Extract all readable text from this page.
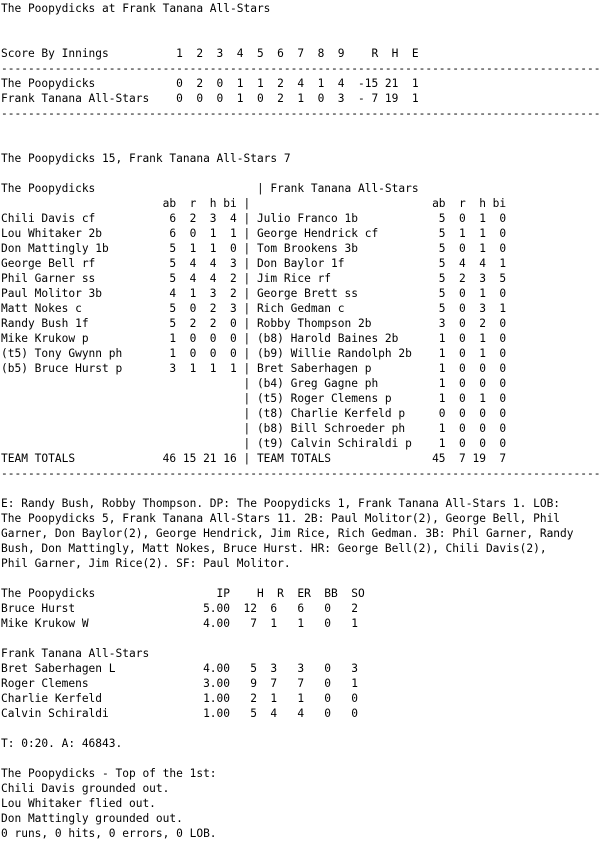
The Poopydicks at Frank Tanana All-Stars
Score By Innings          1  2  3  4  5  6  7  8  9    R  H  E
-----------------------------------------------------------------------------------------
The Poopydicks            0  2  0  1  1  2  4  1  4  -15 21  1
Frank Tanana All-Stars    0  0  0  1  0  2  1  0  3  - 7 19  1
-----------------------------------------------------------------------------------------
The Poopydicks 15, Frank Tanana All-Stars 7
The Poopydicks                        | Frank Tanana All-Stars
ab  r  h bi |                           ab  r  h bi
Chili Davis cf           6  2  3  4 | Julio Franco 1b            5  0  1  0
Lou Whitaker 2b          6  0  1  1 | George Hendrick cf         5  1  1  0
Don Mattingly 1b         5  1  1  0 | Tom Brookens 3b            5  0  1  0
George Bell rf           5  4  4  3 | Don Baylor 1f              5  4  4  1
Phil Garner ss           5  4  4  2 | Jim Rice rf                5  2  3  5
Paul Molitor 3b          4  1  3  2 | George Brett ss            5  0  1  0
Matt Nokes c             5  0  2  3 | Rich Gedman c              5  0  3  1
Randy Bush 1f            5  2  2  0 | Robby Thompson 2b          3  0  2  0
Mike Krukow p            1  0  0  0 | (b8) Harold Baines 2b      1  0  1  0
(t5) Tony Gwynn ph       1  0  0  0 | (b9) Willie Randolph 2b    1  0  1  0
(b5) Bruce Hurst p       3  1  1  1 | Bret Saberhagen p          1  0  0  0
| (b4) Greg Gagne ph         1  0  0  0
| (t5) Roger Clemens p       1  0  1  0
| (t8) Charlie Kerfeld p     0  0  0  0
| (b8) Bill Schroeder ph     1  0  0  0
| (t9) Calvin Schiraldi p    1  0  0  0
TEAM TOTALS             46 15 21 16 | TEAM TOTALS               45  7 19  7
-----------------------------------------------------------------------------------------
E: Randy Bush, Robby Thompson. DP: The Poopydicks 1, Frank Tanana All-Stars 1. LOB:
The Poopydicks 5, Frank Tanana All-Stars 11. 2B: Paul Molitor(2), George Bell, Phil
Garner, Don Baylor(2), George Hendrick, Jim Rice, Rich Gedman. 3B: Phil Garner, Randy
Bush, Don Mattingly, Matt Nokes, Bruce Hurst. HR: George Bell(2), Chili Davis(2),
Phil Garner, Jim Rice(2). SF: Paul Molitor.
The Poopydicks                  IP    H  R  ER  BB  SO
Bruce Hurst                   5.00  12  6   6   0   2
Mike Krukow W                 4.00   7  1   1   0   1
Frank Tanana All-Stars
Bret Saberhagen L             4.00   5  3   3   0   3
Roger Clemens                 3.00   9  7   7   0   1
Charlie Kerfeld               1.00   2  1   1   0   0
Calvin Schiraldi              1.00   5  4   4   0   0
T: 0:20. A: 46843.
The Poopydicks - Top of the 1st:
Chili Davis grounded out.
Lou Whitaker flied out.
Don Mattingly grounded out.
0 runs, 0 hits, 0 errors, 0 LOB.
